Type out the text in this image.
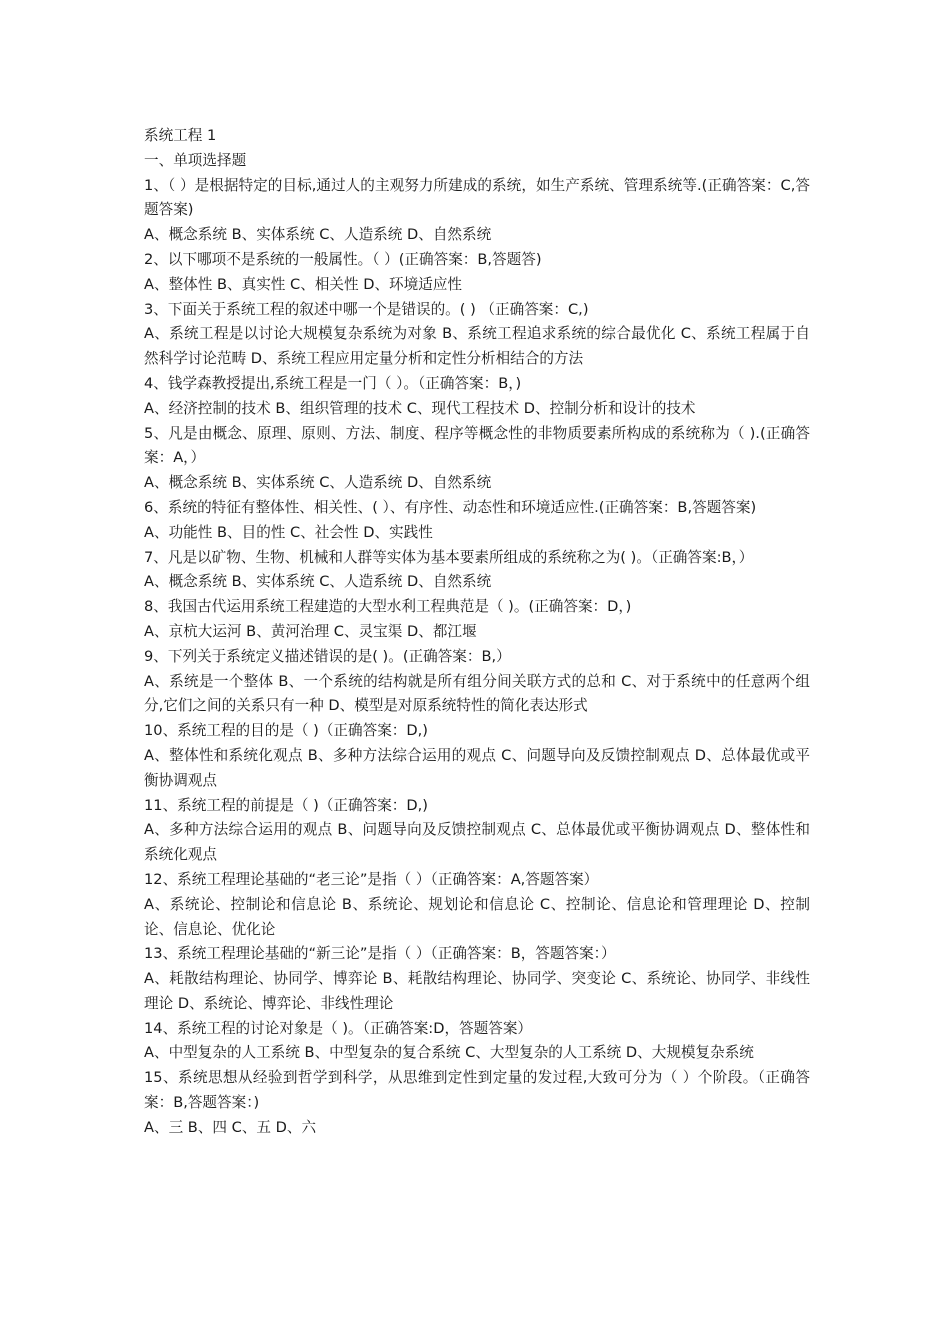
系统工程 1

一、单项选择题

1、（ ）是根据特定的目标,通过人的主观努力所建成的系统，如生产系统、管理系统等.(正确答案：C,答题答案)

A、概念系统 B、实体系统 C、人造系统 D、自然系统

2、以下哪项不是系统的一般属性。（ ）(正确答案：B,答题答)

A、整体性 B、真实性 C、相关性 D、环境适应性

3、下面关于系统工程的叙述中哪一个是错误的。( ) （正确答案：C,)

A、系统工程是以讨论大规模复杂系统为对象 B、系统工程追求系统的综合最优化 C、系统工程属于自然科学讨论范畴 D、系统工程应用定量分析和定性分析相结合的方法

4、钱学森教授提出,系统工程是一门（ ）。（正确答案：B，)

A、经济控制的技术 B、组织管理的技术 C、现代工程技术 D、控制分析和设计的技术

5、凡是由概念、原理、原则、方法、制度、程序等概念性的非物质要素所构成的系统称为（ ).(正确答案：A，）

A、概念系统 B、实体系统 C、人造系统 D、自然系统

6、系统的特征有整体性、相关性、( ）、有序性、动态性和环境适应性.(正确答案：B,答题答案)

A、功能性 B、目的性 C、社会性 D、实践性

7、凡是以矿物、生物、机械和人群等实体为基本要素所组成的系统称之为( )。（正确答案:B，）

A、概念系统 B、实体系统 C、人造系统 D、自然系统

8、我国古代运用系统工程建造的大型水利工程典范是（ )。(正确答案：D，)

A、京杭大运河 B、黄河治理 C、灵宝渠 D、都江堰

9、下列关于系统定义描述错误的是( )。(正确答案：B,）

A、系统是一个整体 B、一个系统的结构就是所有组分间关联方式的总和 C、对于系统中的任意两个组分,它们之间的关系只有一种 D、模型是对原系统特性的简化表达形式

10、系统工程的目的是（ )（正确答案：D,)

A、整体性和系统化观点 B、多种方法综合运用的观点 C、问题导向及反馈控制观点 D、总体最优或平衡协调观点

11、系统工程的前提是（ )（正确答案：D,)

A、多种方法综合运用的观点 B、问题导向及反馈控制观点 C、总体最优或平衡协调观点 D、整体性和系统化观点

12、系统工程理论基础的“老三论”是指（ ）（正确答案：A,答题答案）

A、系统论、控制论和信息论 B、系统论、规划论和信息论 C、控制论、信息论和管理理论 D、控制论、信息论、优化论

13、系统工程理论基础的“新三论”是指（ ）（正确答案：B，答题答案：）

A、耗散结构理论、协同学、博弈论 B、耗散结构理论、协同学、突变论 C、系统论、协同学、非线性理论 D、系统论、博弈论、非线性理论

14、系统工程的讨论对象是（ )。（正确答案:D，答题答案）

A、中型复杂的人工系统 B、中型复杂的复合系统 C、大型复杂的人工系统 D、大规模复杂系统

15、系统思想从经验到哲学到科学，从思维到定性到定量的发过程,大致可分为（ ）个阶段。（正确答案：B,答题答案：)

A、三 B、四 C、五 D、六
